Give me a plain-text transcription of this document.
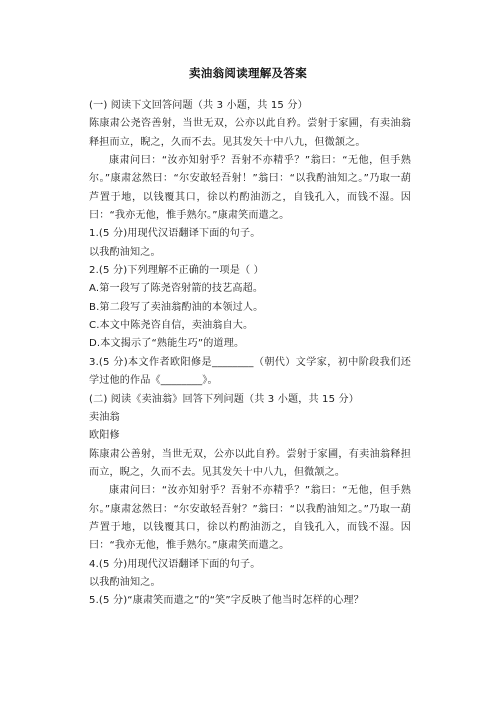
卖油翁阅读理解及答案

(一) 阅读下文回答问题（共 3 小题，共 15 分）

陈康肃公尧咨善射，当世无双，公亦以此自矜。尝射于家圃，有卖油翁释担而立，睨之，久而不去。见其发矢十中八九，但微颔之。

康肃问曰：“汝亦知射乎？吾射不亦精乎？”翁曰：“无他，但手熟尔。”康肃忿然曰：“尔安敢轻吾射！”翁曰：“以我酌油知之。”乃取一葫芦置于地，以钱覆其口，徐以杓酌油沥之，自钱孔入，而钱不湿。因曰：“我亦无他，惟手熟尔。”康肃笑而遣之。

1.(5 分)用现代汉语翻译下面的句子。

以我酌油知之。

2.(5 分)下列理解不正确的一项是（ ）

A.第一段写了陈尧咨射箭的技艺高超。

B.第二段写了卖油翁酌油的本领过人。

C.本文中陈尧咨自信，卖油翁自大。

D.本文揭示了“熟能生巧”的道理。

3.(5 分)本文作者欧阳修是________（朝代）文学家，初中阶段我们还学过他的作品《________》。

(二) 阅读《卖油翁》回答下列问题（共 3 小题，共 15 分）

卖油翁

欧阳修

陈康肃公善射，当世无双，公亦以此自矜。尝射于家圃，有卖油翁释担而立，睨之，久而不去。见其发矢十中八九，但微颔之。

康肃问曰：“汝亦知射乎？吾射不亦精乎？”翁曰：“无他，但手熟尔。”康肃忿然曰：“尔安敢轻吾射？”翁曰：“以我酌油知之。”乃取一葫芦置于地，以钱覆其口，徐以杓酌油沥之，自钱孔入，而钱不湿。因曰：“我亦无他，惟手熟尔。”康肃笑而遣之。

4.(5 分)用现代汉语翻译下面的句子。

以我酌油知之。

5.(5 分)“康肃笑而遣之”的“笑”字反映了他当时怎样的心理？
